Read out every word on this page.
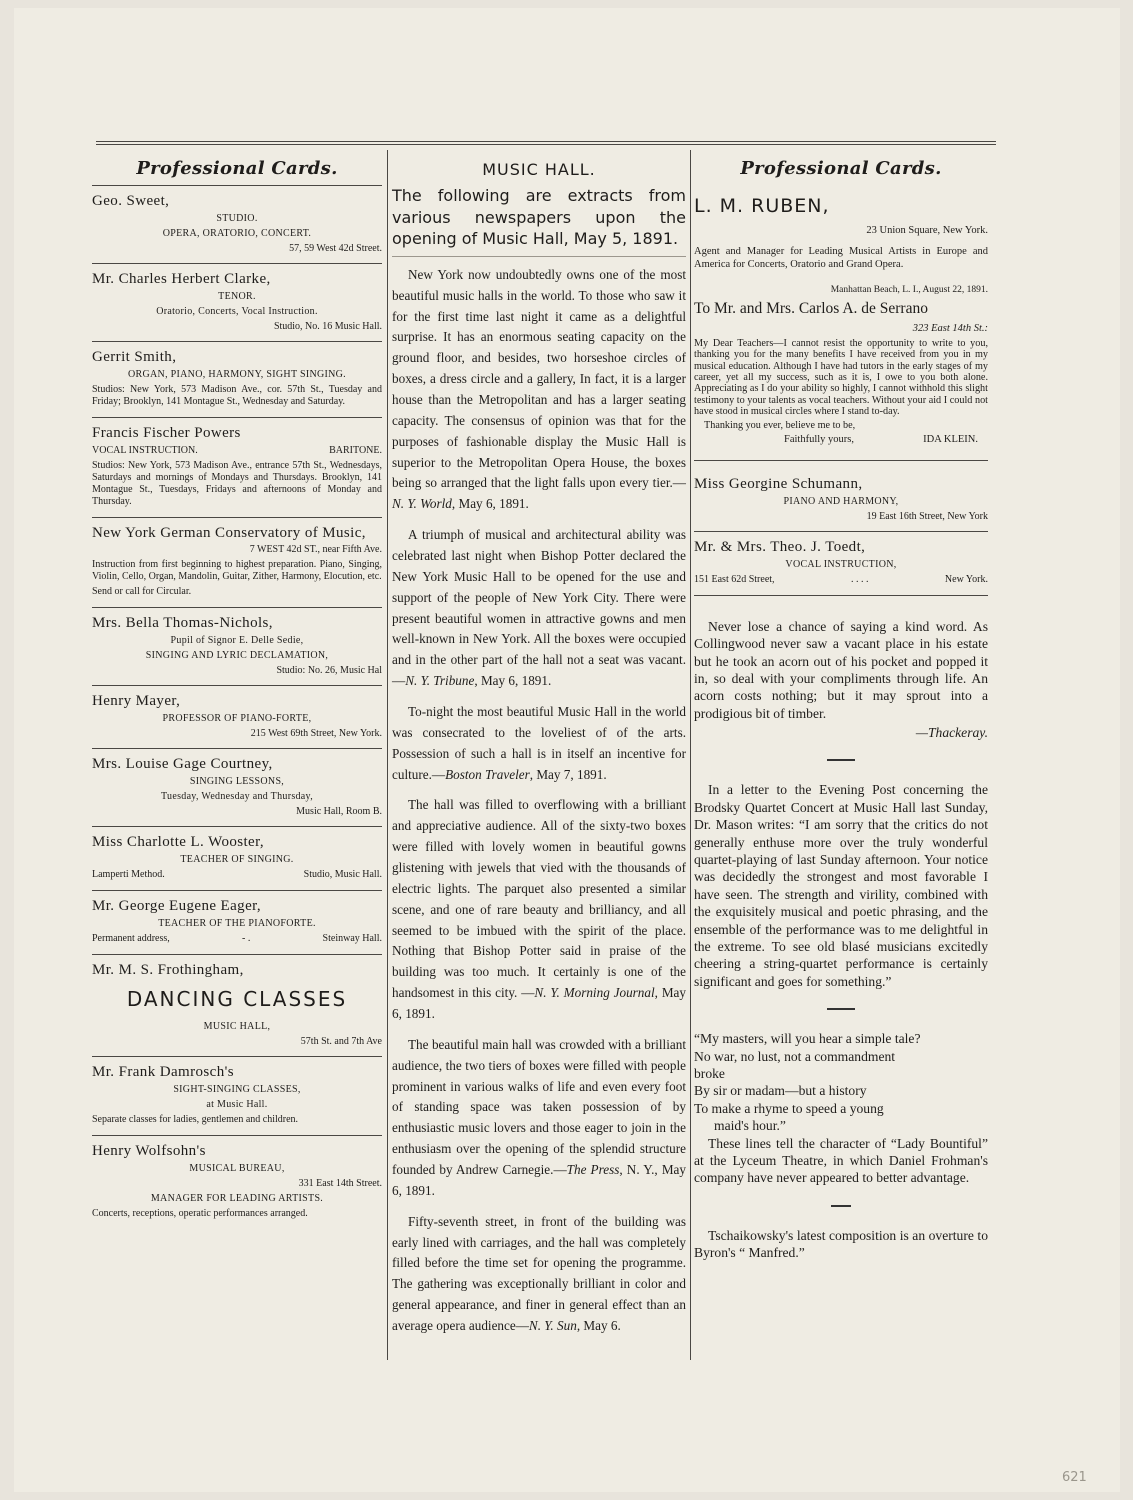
Professional Cards.
Geo. Sweet,
STUDIO.
OPERA, ORATORIO, CONCERT.
57, 59 West 42d Street.
Mr. Charles Herbert Clarke,
TENOR.
Oratorio, Concerts, Vocal Instruction.
Studio, No. 16 Music Hall.
Gerrit Smith,
ORGAN, PIANO, HARMONY, SIGHT SINGING.
Studios: New York, 573 Madison Ave., cor. 57th St., Tuesday and Friday; Brooklyn, 141 Montague St., Wednesday and Saturday.
Francis Fischer Powers
VOCAL INSTRUCTION.	BARITONE.
Studios: New York, 573 Madison Ave., entrance 57th St., Wednesdays, Saturdays and mornings of Mondays and Thursdays. Brooklyn, 141 Montague St., Tuesdays, Fridays and afternoons of Monday and Thursday.
New York German Conservatory of Music,
7 WEST 42d ST., near Fifth Ave.
Instruction from first beginning to highest preparation. Piano, Singing, Violin, Cello, Organ, Mandolin, Guitar, Zither, Harmony, Elocution, etc.
Send or call for Circular.
Mrs. Bella Thomas-Nichols,
Pupil of Signor E. Delle Sedie,
SINGING AND LYRIC DECLAMATION,
Studio: No. 26, Music Hal
Henry Mayer,
PROFESSOR OF PIANO-FORTE,
215 West 69th Street, New York.
Mrs. Louise Gage Courtney,
SINGING LESSONS,
Tuesday, Wednesday and Thursday,
Music Hall, Room B.
Miss Charlotte L. Wooster,
TEACHER OF SINGING.
Lamperti Method.	Studio, Music Hall.
Mr. George Eugene Eager,
TEACHER OF THE PIANOFORTE.
Permanent address,	- .	Steinway Hall.
Mr. M. S. Frothingham,
DANCING CLASSES
MUSIC HALL,
57th St. and 7th Ave
Mr. Frank Damrosch's
SIGHT-SINGING CLASSES,
at Music Hall.
Separate classes for ladies, gentlemen and children.
Henry Wolfsohn's
MUSICAL BUREAU,
331 East 14th Street.
MANAGER FOR LEADING ARTISTS.
Concerts, receptions, operatic performances arranged.
MUSIC HALL.
The following are extracts from various newspapers upon the opening of Music Hall, May 5, 1891.

New York now undoubtedly owns one of the most beautiful music halls in the world. To those who saw it for the first time last night it came as a delightful surprise. It has an enormous seating capacity on the ground floor, and besides, two horseshoe circles of boxes, a dress circle and a gallery, In fact, it is a larger house than the Metropolitan and has a larger seating capacity. The consensus of opinion was that for the purposes of fashionable display the Music Hall is superior to the Metropolitan Opera House, the boxes being so arranged that the light falls upon every tier.—N. Y. World, May 6, 1891.

A triumph of musical and architectural ability was celebrated last night when Bishop Potter declared the New York Music Hall to be opened for the use and support of the people of New York City. There were present beautiful women in attractive gowns and men well-known in New York. All the boxes were occupied and in the other part of the hall not a seat was vacant.—N. Y. Tribune, May 6, 1891.

To-night the most beautiful Music Hall in the world was consecrated to the loveliest of of the arts. Possession of such a hall is in itself an incentive for culture.—Boston Traveler, May 7, 1891.

The hall was filled to overflowing with a brilliant and appreciative audience. All of the sixty-two boxes were filled with lovely women in beautiful gowns glistening with jewels that vied with the thousands of electric lights. The parquet also presented a similar scene, and one of rare beauty and brilliancy, and all seemed to be imbued with the spirit of the place. Nothing that Bishop Potter said in praise of the building was too much. It certainly is one of the handsomest in this city. —N. Y. Morning Journal, May 6, 1891.

The beautiful main hall was crowded with a brilliant audience, the two tiers of boxes were filled with people prominent in various walks of life and even every foot of standing space was taken possession of by enthusiastic music lovers and those eager to join in the enthusiasm over the opening of the splendid structure founded by Andrew Carnegie.—The Press, N. Y., May 6, 1891.

Fifty-seventh street, in front of the building was early lined with carriages, and the hall was completely filled before the time set for opening the programme. The gathering was exceptionally brilliant in color and general appearance, and finer in general effect than an average opera audience—N. Y. Sun, May 6.

Professional Cards.
L. M. RUBEN,
23 Union Square, New York.
Agent and Manager for Leading Musical Artists in Europe and America for Concerts, Oratorio and Grand Opera.
Manhattan Beach, L. I., August 22, 1891.
To Mr. and Mrs. Carlos A. de Serrano
323 East 14th St.:
My Dear Teachers—I cannot resist the opportunity to write to you, thanking you for the many benefits I have received from you in my musical education. Although I have had tutors in the early stages of my career, yet all my success, such as it is, I owe to you both alone. Appreciating as I do your ability so highly, I cannot withhold this slight testimony to your talents as vocal teachers. Without your aid I could not have stood in musical circles where I stand to-day.
Thanking you ever, believe me to be,
Faithfully yours,	IDA KLEIN.
Miss Georgine Schumann,
PIANO AND HARMONY,
19 East 16th Street, New York
Mr. & Mrs. Theo. J. Toedt,
VOCAL INSTRUCTION,
151 East 62d Street,	. . . .	New York.

Never lose a chance of saying a kind word. As Collingwood never saw a vacant place in his estate but he took an acorn out of his pocket and popped it in, so deal with your compliments through life. An acorn costs nothing; but it may sprout into a prodigious bit of timber.

—Thackeray.

In a letter to the Evening Post concerning the Brodsky Quartet Concert at Music Hall last Sunday, Dr. Mason writes: “I am sorry that the critics do not generally enthuse more over the truly wonderful quartet-playing of last Sunday afternoon. Your notice was decidedly the strongest and most favorable I have seen. The strength and virility, combined with the exquisitely musical and poetic phrasing, and the ensemble of the performance was to me delightful in the extreme. To see old blasé musicians excitedly cheering a string-quartet performance is certainly significant and goes for something.”

“My masters, will you hear a simple tale?

No war, no lust, not a commandment

broke

By sir or madam—but a history

To make a rhyme to speed a young

maid's hour.”

These lines tell the character of “Lady Bountiful” at the Lyceum Theatre, in which Daniel Frohman's company have never appeared to better advantage.

Tschaikowsky's latest composition is an overture to Byron's “ Manfred.”

621
